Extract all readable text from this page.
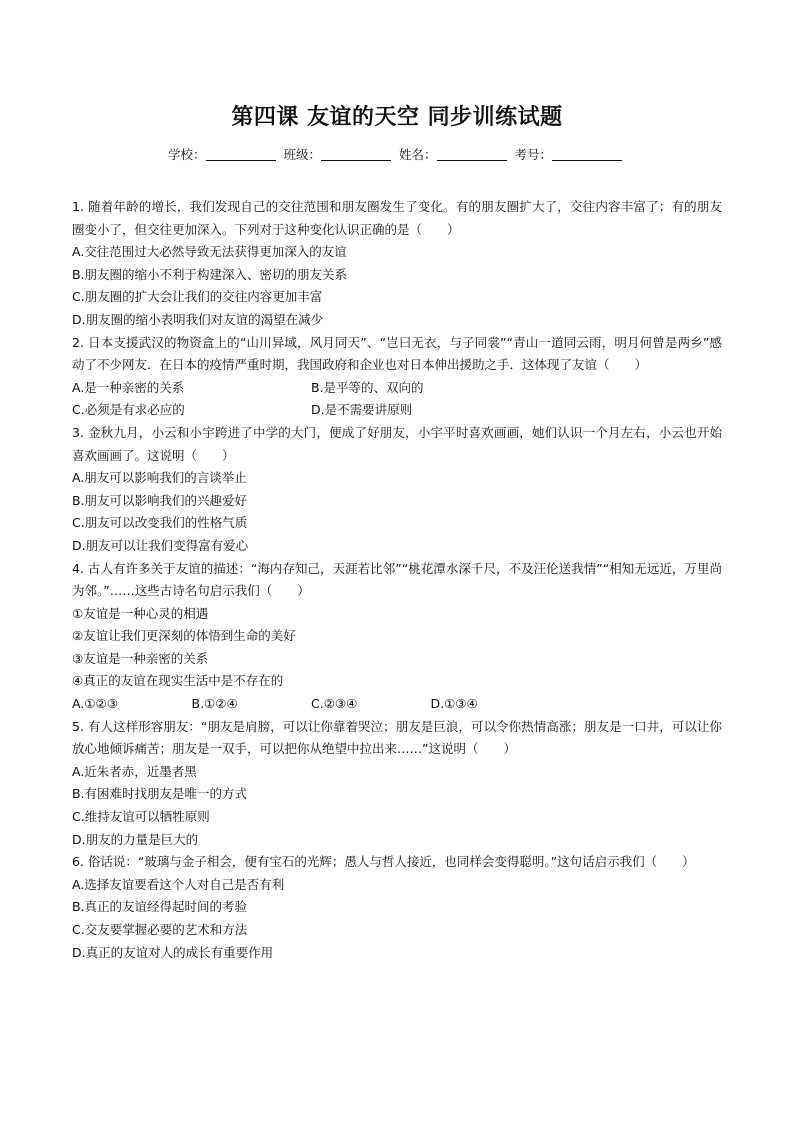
第四课 友谊的天空 同步训练试题
学校：	班级：	姓名：	考号：
1. 随着年龄的增长，我们发现自己的交往范围和朋友圈发生了变化。有的朋友圈扩大了，交往内容丰富了；有的朋友圈变小了，但交往更加深入。下列对于这种变化认识正确的是（　　）
A.交往范围过大必然导致无法获得更加深入的友谊
B.朋友圈的缩小不利于构建深入、密切的朋友关系
C.朋友圈的扩大会让我们的交往内容更加丰富
D.朋友圈的缩小表明我们对友谊的渴望在减少
2. 日本支援武汉的物资盒上的“山川异域，风月同天”、“岂曰无衣，与子同裳”“青山一道同云雨，明月何曾是两乡”感动了不少网友．在日本的疫情严重时期，我国政府和企业也对日本伸出援助之手．这体现了友谊（　　）
A.是一种亲密的关系	B.是平等的、双向的
C.必须是有求必应的	D.是不需要讲原则
3. 金秋九月，小云和小宇跨进了中学的大门，便成了好朋友，小宇平时喜欢画画，她们认识一个月左右，小云也开始喜欢画画了。这说明（　　）
A.朋友可以影响我们的言谈举止
B.朋友可以影响我们的兴趣爱好
C.朋友可以改变我们的性格气质
D.朋友可以让我们变得富有爱心
4. 古人有许多关于友谊的描述：“海内存知己，天涯若比邻”“桃花潭水深千尺，不及汪伦送我情”“相知无远近，万里尚为邻。”……这些古诗名句启示我们（　　）
①友谊是一种心灵的相遇
②友谊让我们更深刻的体悟到生命的美好
③友谊是一种亲密的关系
④真正的友谊在现实生活中是不存在的
A.①②③	B.①②④	C.②③④	D.①③④
5. 有人这样形容朋友：“朋友是肩膀，可以让你靠着哭泣；朋友是巨浪，可以令你热情高涨；朋友是一口井，可以让你放心地倾诉痛苦；朋友是一双手，可以把你从绝望中拉出来……”这说明（　　）
A.近朱者赤，近墨者黑
B.有困难时找朋友是唯一的方式
C.维持友谊可以牺牲原则
D.朋友的力量是巨大的
6. 俗话说：“玻璃与金子相会，便有宝石的光辉；愚人与哲人接近，也同样会变得聪明。”这句话启示我们（　　）
A.选择友谊要看这个人对自己是否有利
B.真正的友谊经得起时间的考验
C.交友要掌握必要的艺术和方法
D.真正的友谊对人的成长有重要作用
